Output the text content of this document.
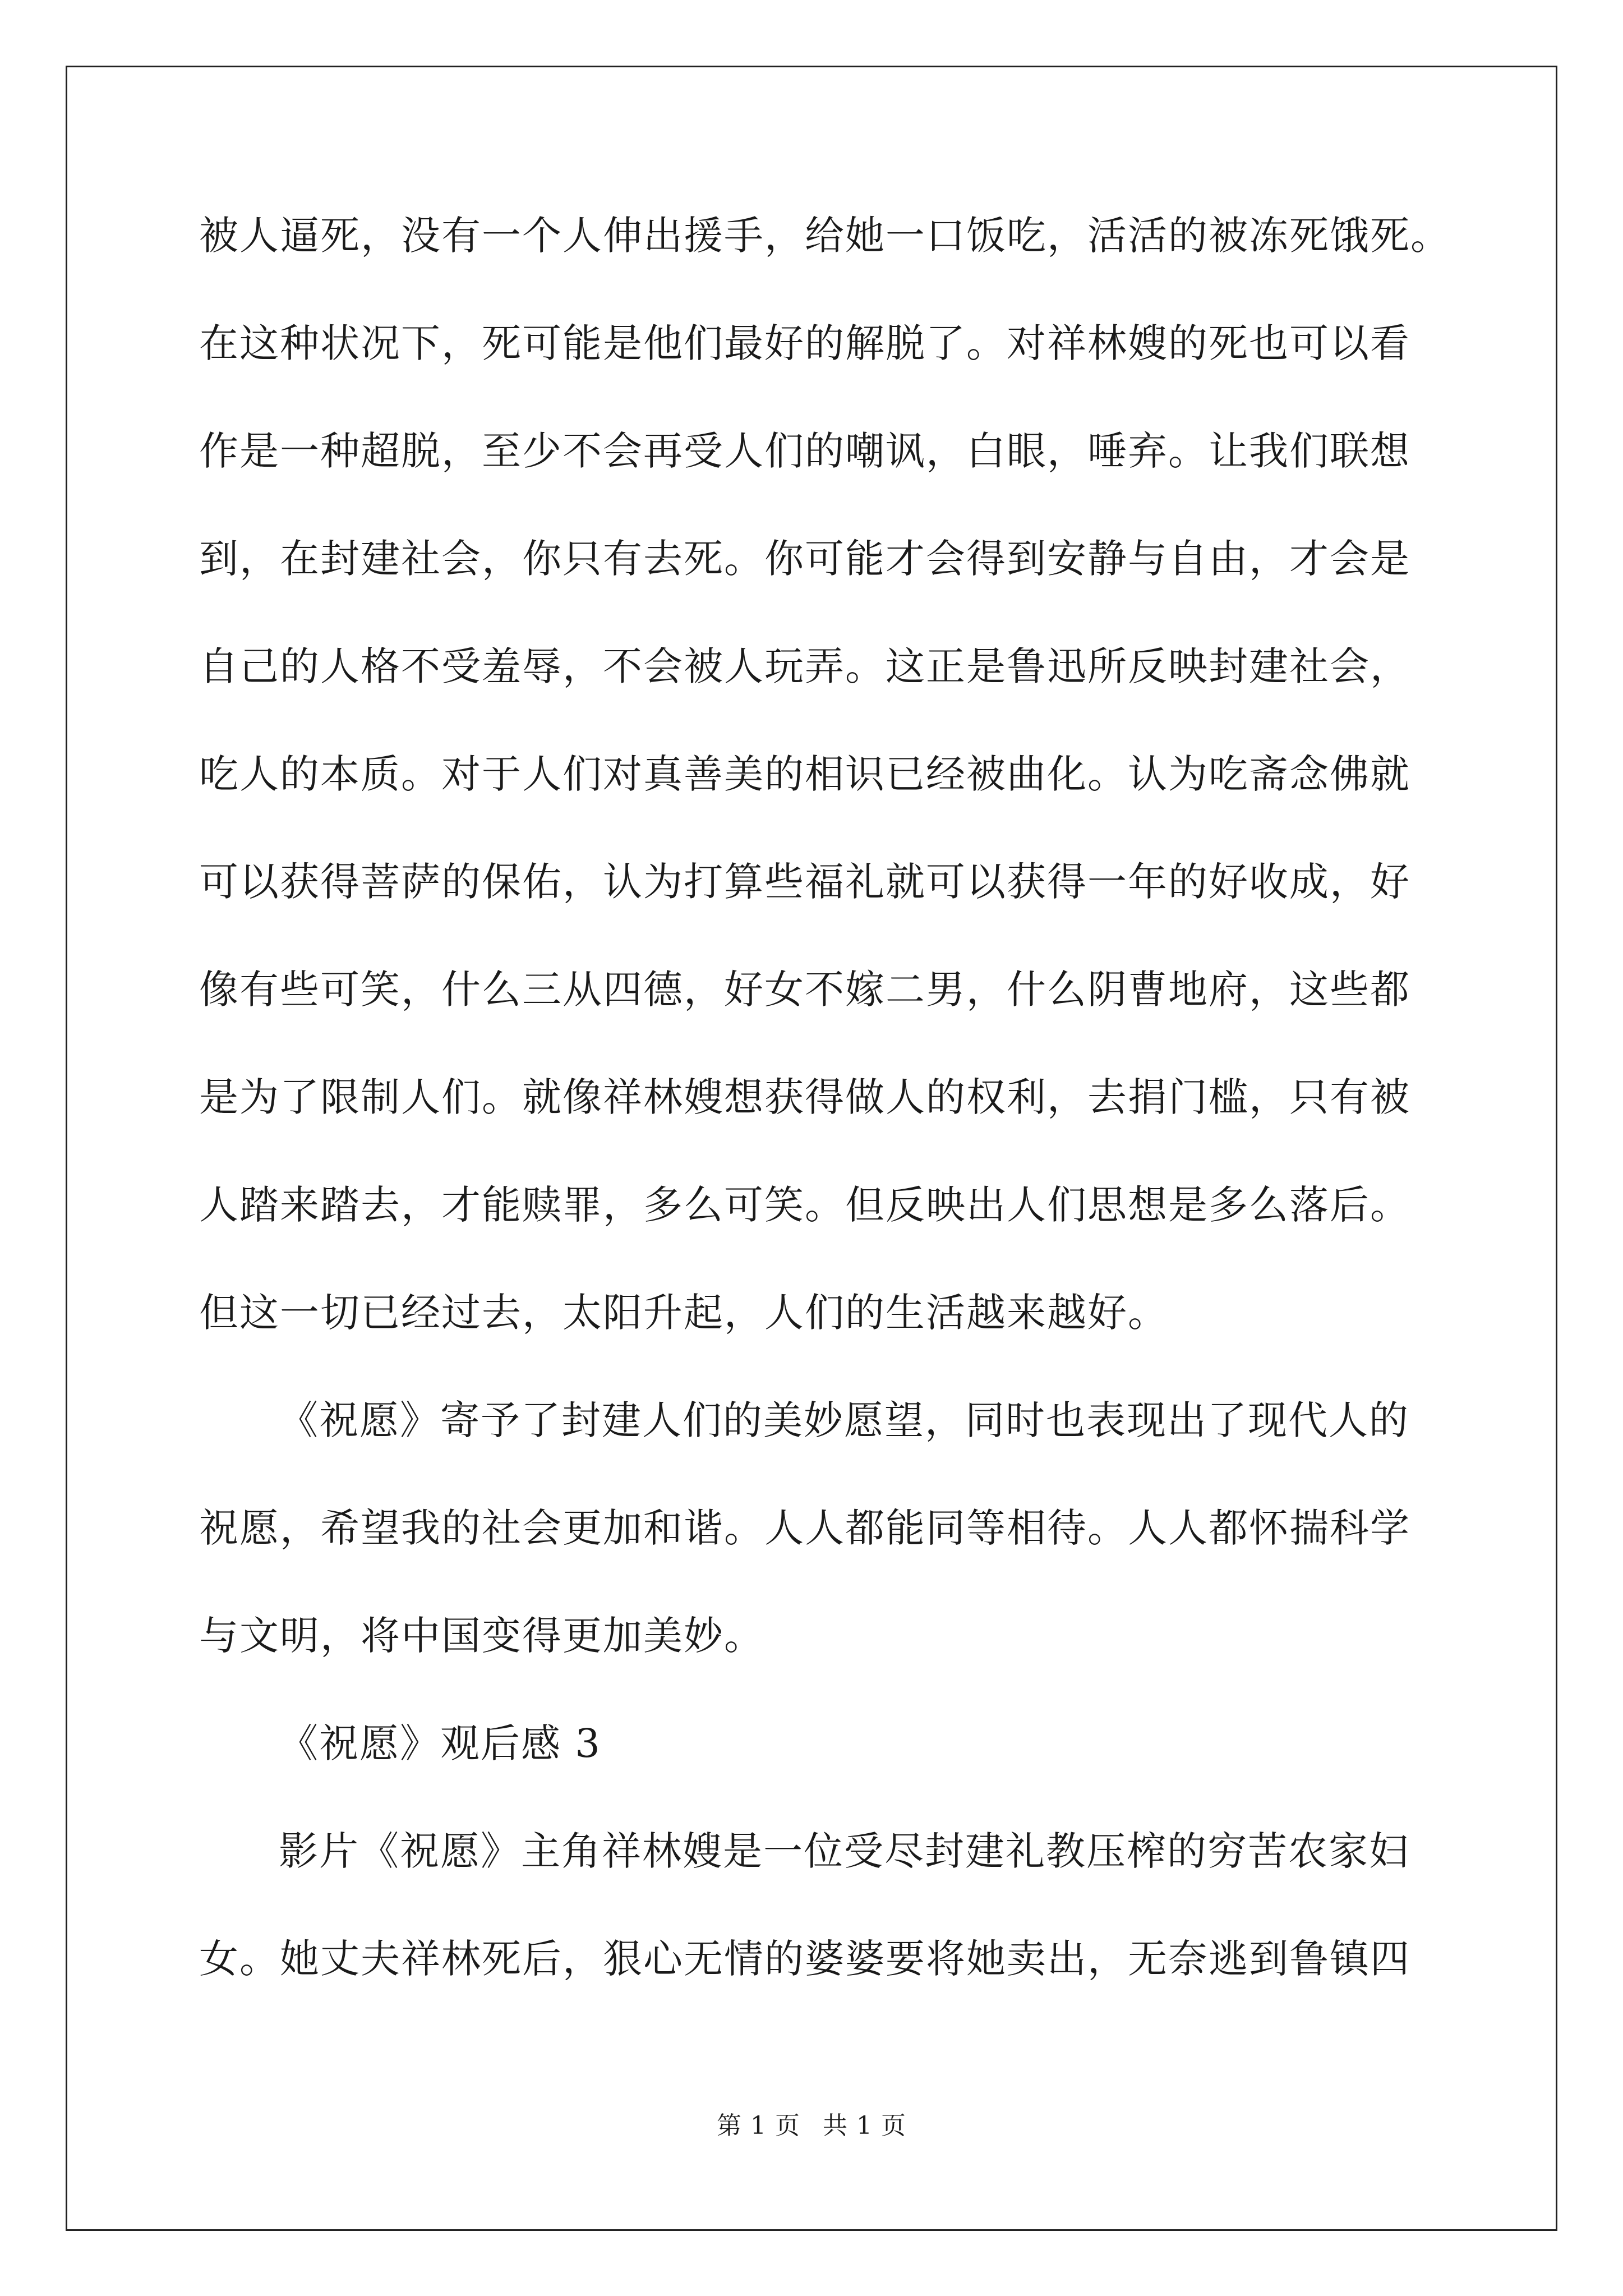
被人逼死，没有一个人伸出援手，给她一口饭吃，活活的被冻死饿死。
在这种状况下，死可能是他们最好的解脱了。对祥林嫂的死也可以看
作是一种超脱，至少不会再受人们的嘲讽，白眼，唾弃。让我们联想
到，在封建社会，你只有去死。你可能才会得到安静与自由，才会是
自己的人格不受羞辱，不会被人玩弄。这正是鲁迅所反映封建社会，
吃人的本质。对于人们对真善美的相识已经被曲化。认为吃斋念佛就
可以获得菩萨的保佑，认为打算些福礼就可以获得一年的好收成，好
像有些可笑，什么三从四德，好女不嫁二男，什么阴曹地府，这些都
是为了限制人们。就像祥林嫂想获得做人的权利，去捐门槛，只有被
人踏来踏去，才能赎罪，多么可笑。但反映出人们思想是多么落后。
但这一切已经过去，太阳升起，人们的生活越来越好。
《祝愿》寄予了封建人们的美妙愿望，同时也表现出了现代人的
祝愿，希望我的社会更加和谐。人人都能同等相待。人人都怀揣科学
与文明，将中国变得更加美妙。
《祝愿》观后感 3
影片《祝愿》主角祥林嫂是一位受尽封建礼教压榨的穷苦农家妇
女。她丈夫祥林死后，狠心无情的婆婆要将她卖出，无奈逃到鲁镇四
第 1 页 共 1 页
